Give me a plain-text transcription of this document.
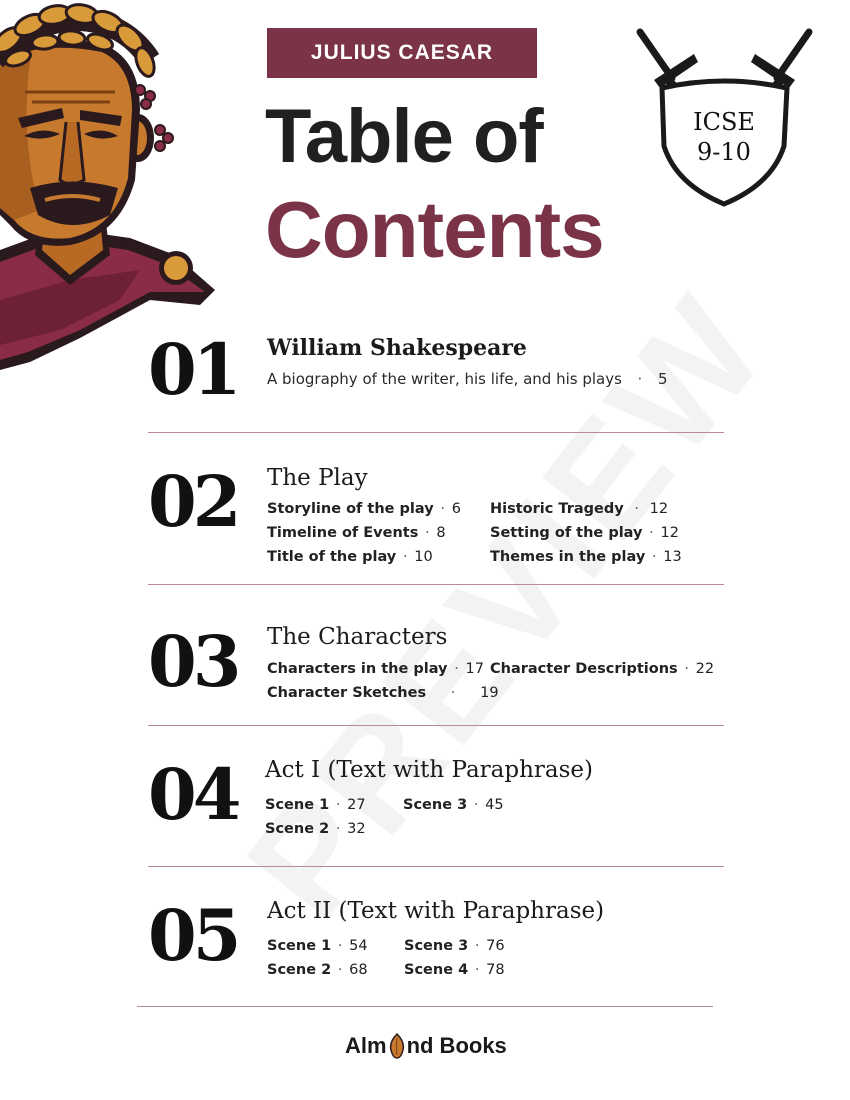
JULIUS CAESAR
Table of
Contents
ICSE
9-10
01 William Shakespeare
A biography of the writer, his life, and his plays · 5
02 The Play
Storyline of the play · 6
Timeline of Events · 8
Title of the play · 10
Historic Tragedy · 12
Setting of the play · 12
Themes in the play · 13
03 The Characters
Characters in the play · 17
Character Sketches · 19
Character Descriptions · 22
04 Act I (Text with Paraphrase)
Scene 1 · 27
Scene 2 · 32
Scene 3 · 45
05 Act II (Text with Paraphrase)
Scene 1 · 54
Scene 2 · 68
Scene 3 · 76
Scene 4 · 78
Alm nd Books
